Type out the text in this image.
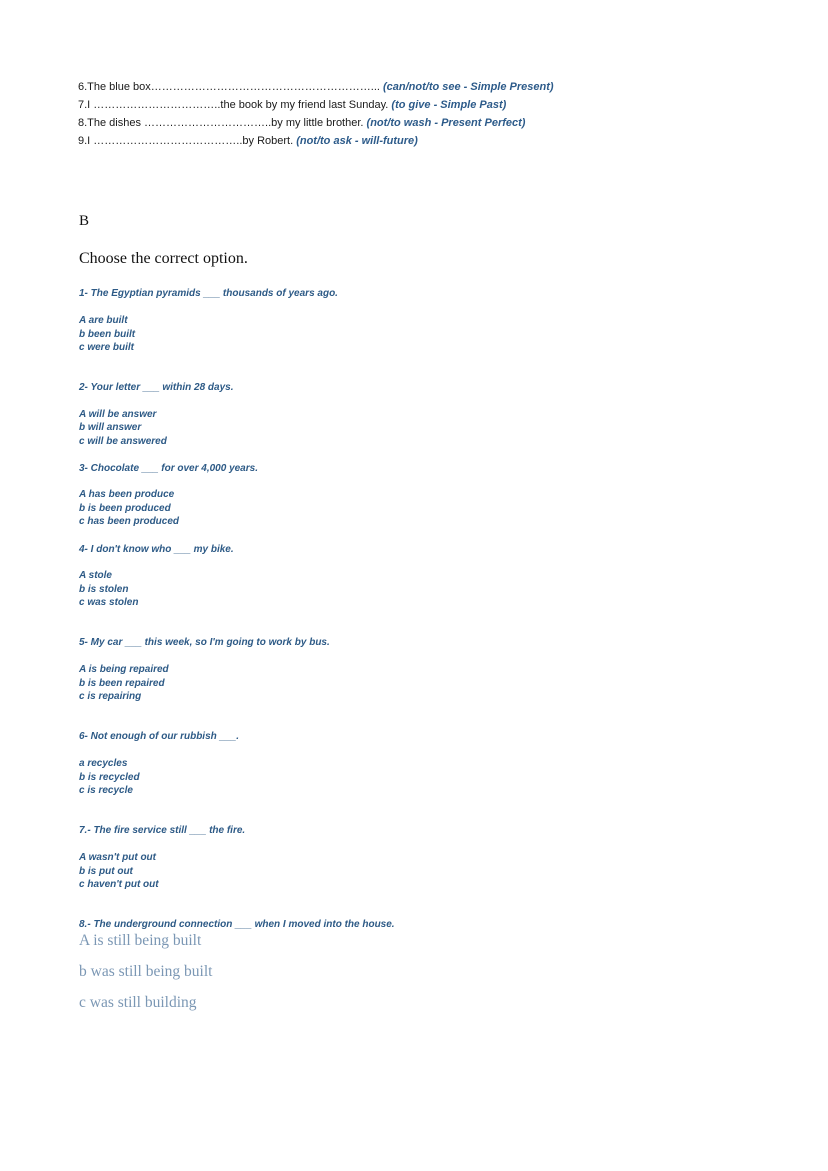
6.The blue box……………………………………………………... (can/not/to see - Simple Present)
7.I ……………………………..the book by my friend last Sunday. (to give - Simple Past)
8.The dishes ……………………………..by my little brother. (not/to wash - Present Perfect)
9.I …………………………………..by Robert. (not/to ask - will-future)
B
Choose the correct option.
1- The Egyptian pyramids ___ thousands of years ago.
A are built
b been built
c were built
2- Your letter ___ within 28 days.
A will be answer
b will answer
c will be answered
3- Chocolate ___ for over 4,000 years.
A has been produce
b is been produced
c has been produced
4- I don't know who ___ my bike.
A stole
b is stolen
c was stolen
5- My car ___ this week, so I'm going to work by bus.
A is being repaired
b is been repaired
c is repairing
6- Not enough of our rubbish ___.
a recycles
b is recycled
c is recycle
7.- The fire service still ___ the fire.
A wasn't put out
b is put out
c haven't put out
8.- The underground connection ___ when I moved into the house.
A is still being built
b was still being built
c was still building
